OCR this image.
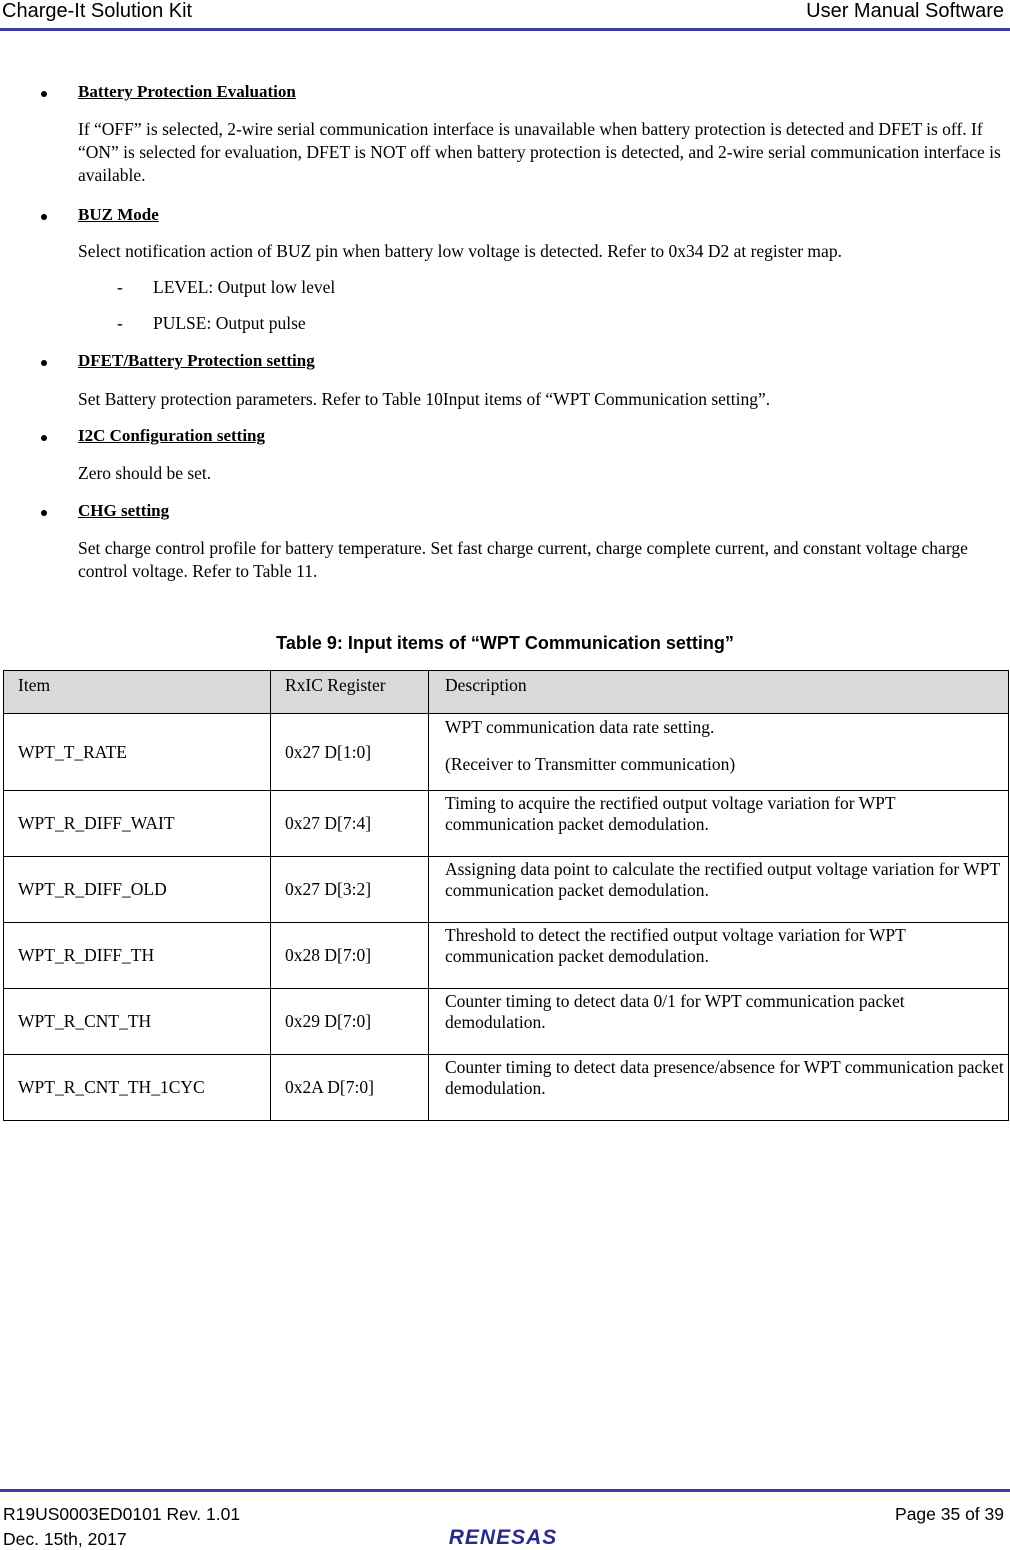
Charge-It Solution Kit	User Manual Software
Battery Protection Evaluation
If “OFF” is selected, 2-wire serial communication interface is unavailable when battery protection is detected and DFET is off. If “ON” is selected for evaluation, DFET is NOT off when battery protection is detected, and 2-wire serial communication interface is available.
BUZ Mode
Select notification action of BUZ pin when battery low voltage is detected. Refer to 0x34 D2 at register map.
- LEVEL: Output low level
- PULSE: Output pulse
DFET/Battery Protection setting
Set Battery protection parameters. Refer to Table 10Input items of “WPT Communication setting”.
I2C Configuration setting
Zero should be set.
CHG setting
Set charge control profile for battery temperature. Set fast charge current, charge complete current, and constant voltage charge control voltage. Refer to Table 11.
Table 9: Input items of “WPT Communication setting”
Item	RxIC Register	Description
WPT_T_RATE	0x27 D[1:0]	WPT communication data rate setting.
(Receiver to Transmitter communication)

WPT_R_DIFF_WAIT	0x27 D[7:4]	Timing to acquire the rectified output voltage variation for WPT communication packet demodulation.
WPT_R_DIFF_OLD	0x27 D[3:2]	Assigning data point to calculate the rectified output voltage variation for WPT communication packet demodulation.
WPT_R_DIFF_TH	0x28 D[7:0]	Threshold to detect the rectified output voltage variation for WPT communication packet demodulation.
WPT_R_CNT_TH	0x29 D[7:0]	Counter timing to detect data 0/1 for WPT communication packet demodulation.
WPT_R_CNT_TH_1CYC	0x2A D[7:0]	Counter timing to detect data presence/absence for WPT communication packet demodulation.
R19US0003ED0101 Rev. 1.01
Dec. 15th, 2017
Page 35 of 39
RENESAS
